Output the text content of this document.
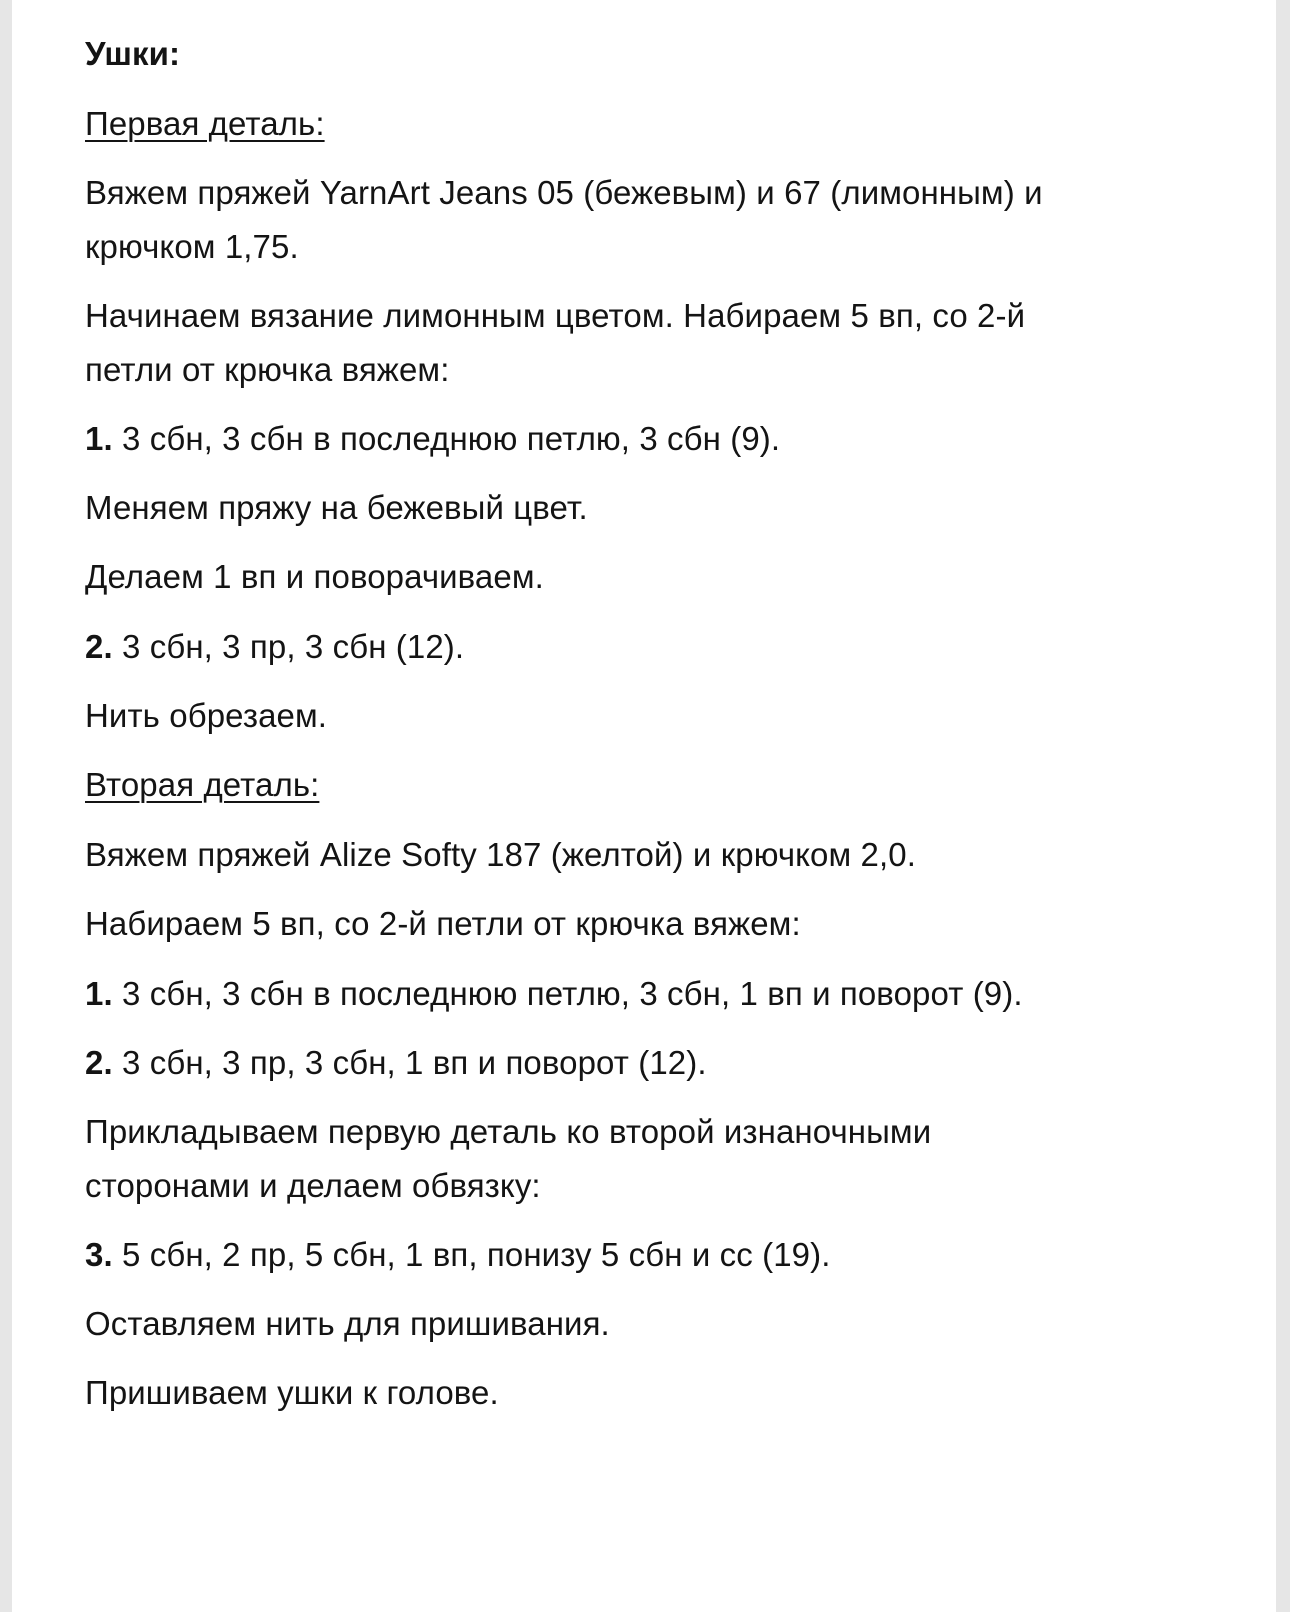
Ушки:
Первая деталь:
Вяжем пряжей YarnArt Jeans 05 (бежевым) и 67 (лимонным) и
крючком 1,75.
Начинаем вязание лимонным цветом. Набираем 5 вп, со 2-й
петли от крючка вяжем:
1. 3 сбн, 3 сбн в последнюю петлю, 3 сбн (9).
Меняем пряжу на бежевый цвет.
Делаем 1 вп и поворачиваем.
2. 3 сбн, 3 пр, 3 сбн (12).
Нить обрезаем.
Вторая деталь:
Вяжем пряжей Alize Softy 187 (желтой) и крючком 2,0.
Набираем 5 вп, со 2-й петли от крючка вяжем:
1. 3 сбн, 3 сбн в последнюю петлю, 3 сбн, 1 вп и поворот (9).
2. 3 сбн, 3 пр, 3 сбн, 1 вп и поворот (12).
Прикладываем первую деталь ко второй изнаночными
сторонами и делаем обвязку:
3. 5 сбн, 2 пр, 5 сбн, 1 вп, понизу 5 сбн и сс (19).
Оставляем нить для пришивания.
Пришиваем ушки к голове.
